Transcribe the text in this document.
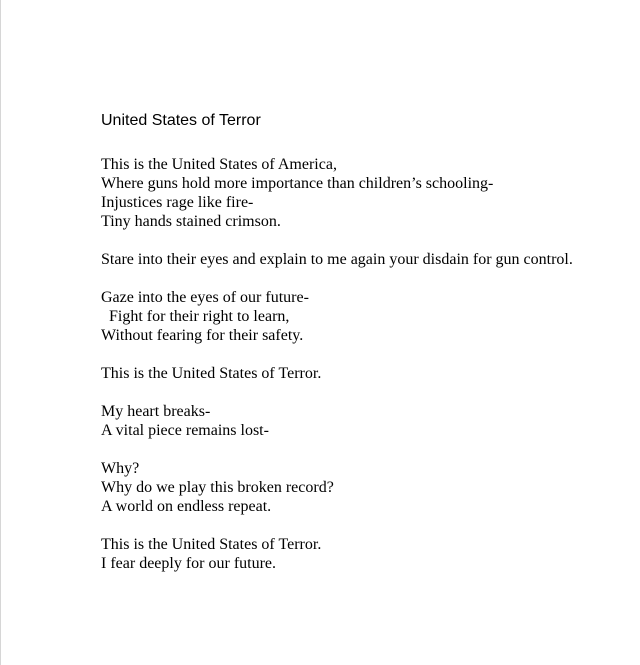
United States of Terror
This is the United States of America,
Where guns hold more importance than children’s schooling-
Injustices rage like fire-
Tiny hands stained crimson.
Stare into their eyes and explain to me again your disdain for gun control.
Gaze into the eyes of our future-
Fight for their right to learn,
Without fearing for their safety.
This is the United States of Terror.
My heart breaks-
A vital piece remains lost-
Why?
Why do we play this broken record?
A world on endless repeat.
This is the United States of Terror.
I fear deeply for our future.
